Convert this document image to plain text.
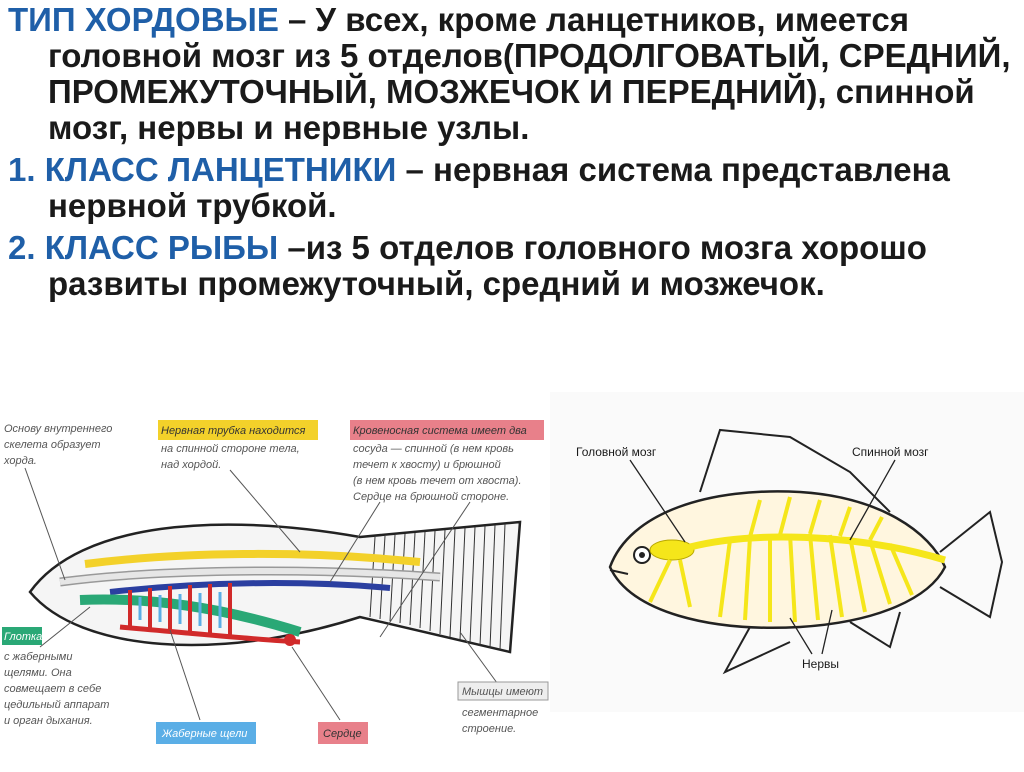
ТИП ХОРДОВЫЕ – У всех, кроме ланцетников, имеется головной мозг из 5 отделов(ПРОДОЛГОВАТЫЙ, СРЕДНИЙ, ПРОМЕЖУТОЧНЫЙ, МОЗЖЕЧОК И ПЕРЕДНИЙ), спинной мозг, нервы и нервные узлы.

1. КЛАСС ЛАНЦЕТНИКИ – нервная система представлена нервной трубкой.

2. КЛАСС РЫБЫ –из 5 отделов головного мозга хорошо развиты промежуточный, средний и мозжечок.

Основу внутреннего
скелета образует
хорда.
Нервная трубка находится
на спинной стороне тела,
над хордой.
Кровеносная система имеет два
сосуда — спинной (в нем кровь
течет к хвосту) и брюшной
(в нем кровь течет от хвоста).
Сердце на брюшной стороне.
Глотка
с жаберными
щелями. Она
совмещает в себе
цедильный аппарат
и орган дыхания.
Мышцы имеют
сегментарное
строение.
Жаберные щели	Сердце
Головной мозг	Спинной мозг
Нервы
